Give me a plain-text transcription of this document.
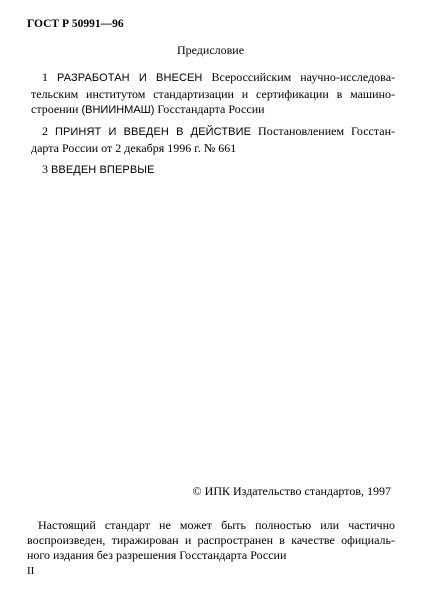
ГОСТ Р 50991—96
Предисловие
1 РАЗРАБОТАН И ВНЕСЕН Всероссийским научно-исследова-
тельским институтом стандартизации и сертификации в машино-
строении (ВНИИНМАШ) Госстандарта России
2 ПРИНЯТ И ВВЕДЕН В ДЕЙСТВИЕ Постановлением Госстан-
дарта России от 2 декабря 1996 г. № 661
3 ВВЕДЕН ВПЕРВЫЕ
© ИПК Издательство стандартов, 1997
Настоящий стандарт не может быть полностью или частично
воспроизведен, тиражирован и распространен в качестве официаль-
ного издания без разрешения Госстандарта России
II
